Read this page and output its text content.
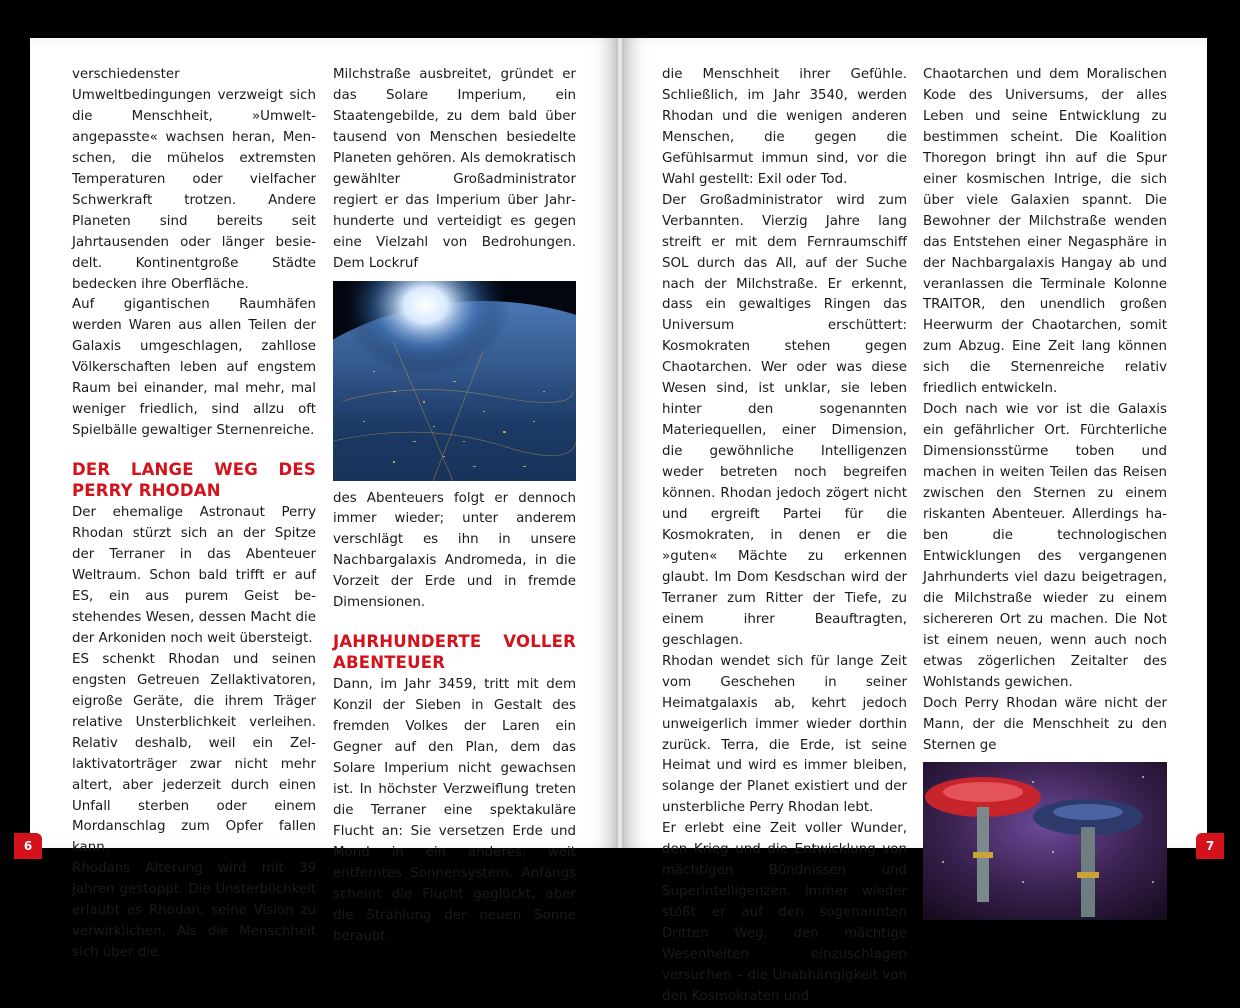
verschiedenster Umweltbedingungen verzweigt sich die Menschheit, »Umweltangepasste« wachsen heran, Menschen, die mühelos extremsten Temperaturen oder vielfacher Schwerkraft trotzen. Andere Planeten sind bereits seit Jahrtausenden oder länger besiedelt. Kontinentgroße Städte bedecken ihre Oberfläche.

Auf gigantischen Raumhäfen werden Waren aus allen Teilen der Galaxis umgeschlagen, zahllose Völkerschaften leben auf engstem Raum bei einander, mal mehr, mal weniger friedlich, sind allzu oft Spielbälle gewaltiger Sternenreiche.

DER LANGE WEG DES PERRY RHODAN

Der ehemalige Astronaut Perry Rhodan stürzt sich an der Spitze der Terraner in das Abenteuer Weltraum. Schon bald trifft er auf ES, ein aus purem Geist bestehendes Wesen, dessen Macht die der Arkoniden noch weit übersteigt.

ES schenkt Rhodan und seinen engsten Getreuen Zellaktivatoren, eigroße Geräte, die ihrem Träger relative Unsterblichkeit verleihen. Relativ deshalb, weil ein Zellaktivatorträger zwar nicht mehr altert, aber jederzeit durch einen Unfall sterben oder einem Mordanschlag zum Opfer fallen kann.

Rhodans Alterung wird mit 39 Jahren gestoppt. Die Unsterblichkeit erlaubt es Rhodan, seine Vision zu verwirklichen. Als die Menschheit sich über die

Milchstraße ausbreitet, gründet er das Solare Imperium, ein Staatengebilde, zu dem bald über tausend von Menschen besiedelte Planeten gehören. Als demokratisch gewählter Großadministrator regiert er das Imperium über Jahrhunderte und verteidigt es gegen eine Vielzahl von Bedrohungen. Dem Lockruf

des Abenteuers folgt er dennoch immer wieder; unter anderem verschlägt es ihn in unsere Nachbargalaxis Andromeda, in die Vorzeit der Erde und in fremde Dimensionen.

JAHRHUNDERTE VOLLER ABENTEUER

Dann, im Jahr 3459, tritt mit dem Konzil der Sieben in Gestalt des fremden Volkes der Laren ein Gegner auf den Plan, dem das Solare Imperium nicht gewachsen ist. In höchster Verzweiflung treten die Terraner eine spektakuläre Flucht an: Sie versetzen Erde und Mond in ein anderes, weit entferntes Sonnensystem. Anfangs scheint die Flucht geglückt, aber die Strahlung der neuen Sonne beraubt

die Menschheit ihrer Gefühle. Schließlich, im Jahr 3540, werden Rhodan und die wenigen anderen Menschen, die gegen die Gefühlsarmut immun sind, vor die Wahl gestellt: Exil oder Tod.

Der Großadministrator wird zum Verbannten. Vierzig Jahre lang streift er mit dem Fernraumschiff SOL durch das All, auf der Suche nach der Milchstraße. Er erkennt, dass ein gewaltiges Ringen das Universum erschüttert: Kosmokraten stehen gegen Chaotarchen. Wer oder was diese Wesen sind, ist unklar, sie leben hinter den sogenannten Materiequellen, einer Dimension, die gewöhnliche Intelligenzen weder betreten noch begreifen können. Rhodan jedoch zögert nicht und ergreift Partei für die Kosmokraten, in denen er die »guten« Mächte zu erkennen glaubt. Im Dom Kesdschan wird der Terraner zum Ritter der Tiefe, zu einem ihrer Beauftragten, geschlagen.

Rhodan wendet sich für lange Zeit vom Geschehen in seiner Heimatgalaxis ab, kehrt jedoch unweigerlich immer wieder dorthin zurück. Terra, die Erde, ist seine Heimat und wird es immer bleiben, solange der Planet existiert und der unsterbliche Perry Rhodan lebt.

Er erlebt eine Zeit voller Wunder, den Krieg und die Entwicklung von mächtigen Bündnissen und Superintelligenzen. Immer wieder stößt er auf den sogenannten Dritten Weg, den mächtige Wesenheiten einzuschlagen versuchen – die Unabhängigkeit von den Kosmokraten und

Chaotarchen und dem Moralischen Kode des Universums, der alles Leben und seine Entwicklung zu bestimmen scheint. Die Koalition Thoregon bringt ihn auf die Spur einer kosmischen Intrige, die sich über viele Galaxien spannt. Die Bewohner der Milchstraße wenden das Entstehen einer Negasphäre in der Nachbargalaxis Hangay ab und veranlassen die Terminale Kolonne TRAITOR, den unendlich großen Heerwurm der Chaotarchen, somit zum Abzug. Eine Zeit lang können sich die Sternenreiche relativ friedlich entwickeln.

Doch nach wie vor ist die Galaxis ein gefährlicher Ort. Fürchterliche Dimensionsstürme toben und machen in weiten Teilen das Reisen zwischen den Sternen zu einem riskanten Abenteuer. Allerdings haben die technologischen Entwicklungen des vergangenen Jahrhunderts viel dazu beigetragen, die Milchstraße wieder zu einem sichereren Ort zu machen. Die Not ist einem neuen, wenn auch noch etwas zögerlichen Zeitalter des Wohlstands gewichen.

Doch Perry Rhodan wäre nicht der Mann, der die Menschheit zu den Sternen ge

6	7
